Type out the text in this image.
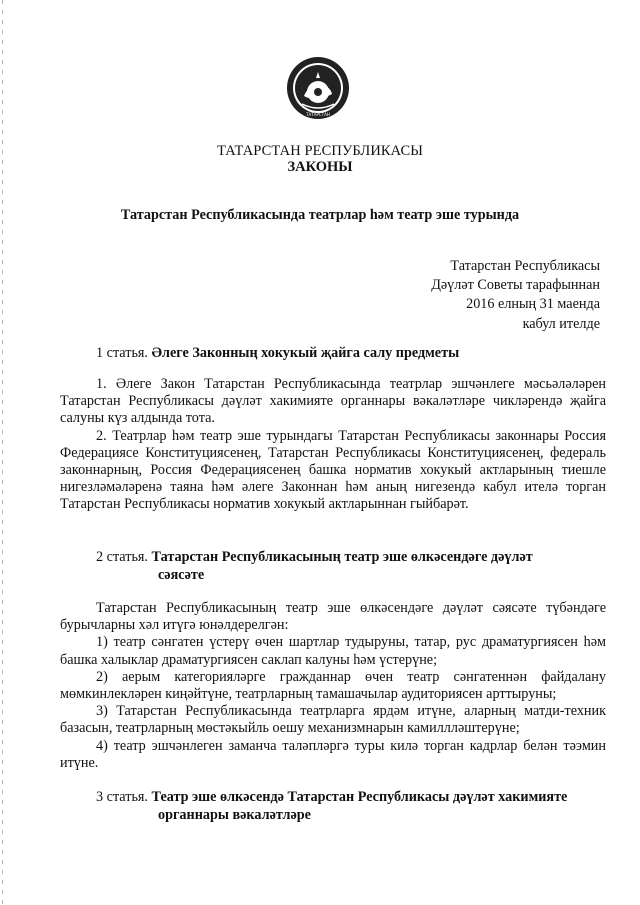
ТАТАРСТАН
ТАТАРСТАН РЕСПУБЛИКАСЫ
ЗАКОНЫ
Татарстан Республикасында театрлар һәм театр эше турында
Татарстан Республикасы
Дәүләт Советы тарафыннан
2016 елның 31 маенда
кабул ителде
1 статья. Әлеге Законның хокукый җайга салу предметы

1. Әлеге Закон Татарстан Республикасында театрлар эшчәнлеге мәсьәләләрен Татарстан Республикасы дәүләт хакимияте органнары вәкаләтләре чикләрендә җайга салуны күз алдында тота.

2. Театрлар һәм театр эше турындагы Татарстан Республикасы законнары Россия Федерациясе Конституциясенең, Татарстан Республикасы Конституциясенең, федераль законнарның, Россия Федерациясенең башка норматив хокукый актларының тиешле нигезләмәләренә таяна һәм әлеге Законнан һәм аның нигезендә кабул ителә торган Татарстан Республикасы норматив хокукый актларыннан гыйбарәт.

2 статья. Татарстан Республикасының театр эше өлкәсендәге дәүләт
сәясәте

Татарстан Республикасының театр эше өлкәсендәге дәүләт сәясәте түбәндәге бурычларны хәл итүгә юнәлдерелгән:

1) театр сәнгатен үстерү өчен шартлар тудыруны, татар, рус драматургиясен һәм башка халыклар драматургиясен саклап калуны һәм үстерүне;

2) аерым категорияләрге гражданнар өчен театр сәнгатеннән файдалану мөмкинлекләрен киңәйтүне, театрларның тамашачылар аудиториясен арттыруны;

3) Татарстан Республикасында театрларга ярдәм итүне, аларның матди-техник базасын, театрларның мөстәкыйль оешу механизмнарын камиллләштерүне;

4) театр эшчәнлеген заманча таләпләргә туры килә торган кадрлар белән тәэмин итүне.

3 статья. Театр эше өлкәсендә Татарстан Республикасы дәүләт хакимияте
органнары вәкаләтләре
